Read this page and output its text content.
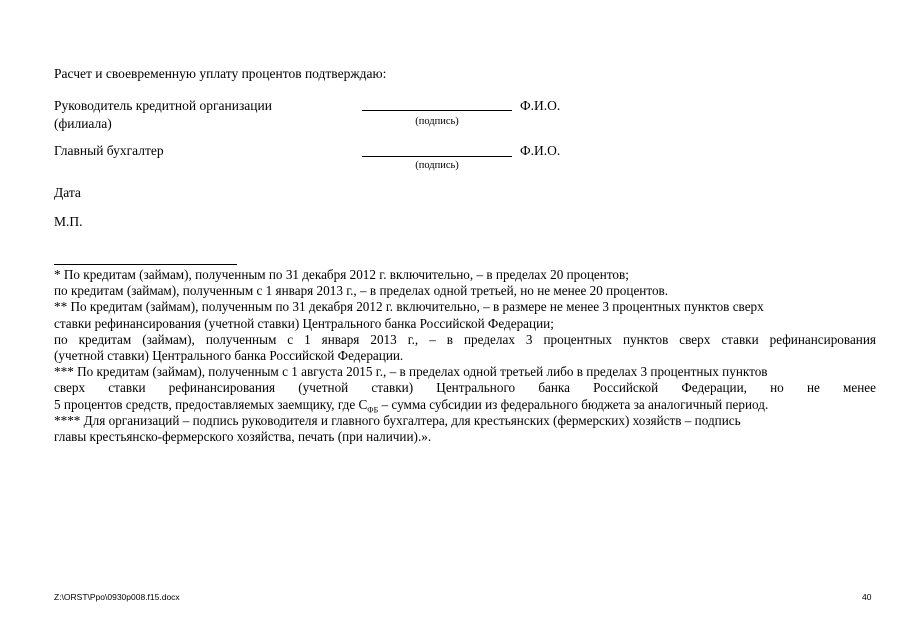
Расчет и своевременную уплату процентов подтверждаю:
Руководитель кредитной организации
(филиала)
Ф.И.О.
(подпись)
Главный бухгалтер	Ф.И.О.
(подпись)
Дата
М.П.
* По кредитам (займам), полученным по 31 декабря 2012 г. включительно, – в пределах 20 процентов;
по кредитам (займам), полученным с 1 января 2013 г., – в пределах одной третьей, но не менее 20 процентов.
** По кредитам (займам), полученным по 31 декабря 2012 г. включительно, – в размере не менее 3 процентных пунктов сверх
ставки рефинансирования (учетной ставки) Центрального банка Российской Федерации;
по кредитам (займам), полученным с 1 января 2013 г., – в пределах 3 процентных пунктов сверх ставки рефинансирования
(учетной ставки) Центрального банка Российской Федерации.
*** По кредитам (займам), полученным с 1 августа 2015 г., – в пределах одной третьей либо в пределах 3 процентных пунктов
сверх ставки рефинансирования (учетной ставки) Центрального банка Российской Федерации, но не менее
5 процентов средств, предоставляемых заемщику, где $С_{ФБ}$ – сумма субсидии из федерального бюджета за аналогичный период.
**** Для организаций – подпись руководителя и главного бухгалтера, для крестьянских (фермерских) хозяйств – подпись
главы крестьянско-фермерского хозяйства, печать (при наличии).».
Z:\ORST\Ppo\0930p008.f15.docx	40
